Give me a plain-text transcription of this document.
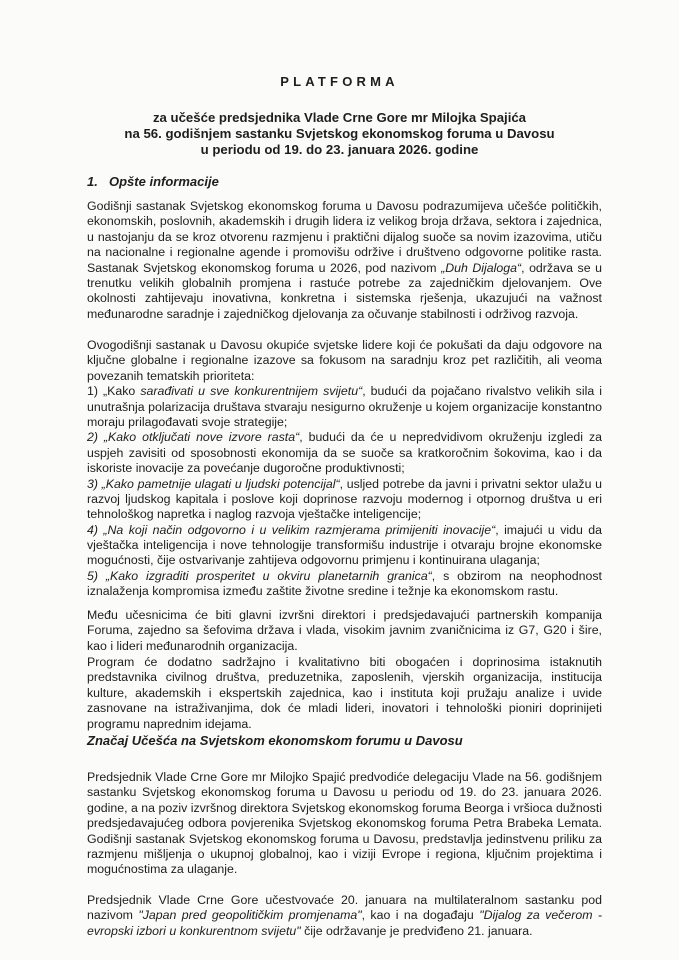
PLATFORMA
za učešće predsjednika Vlade Crne Gore mr Milojka Spajića
na 56. godišnjem sastanku Svjetskog ekonomskog foruma u Davosu
u periodu od 19. do 23. januara 2026. godine
1. Opšte informacije
Značaj Učešća na Svjetskom ekonomskom forumu u Davosu
Godišnji sastanak Svjetskog ekonomskog foruma u Davosu podrazumijeva učešće političkih,
ekonomskih, poslovnih, akademskih i drugih lidera iz velikog broja država, sektora i zajednica,
u nastojanju da se kroz otvorenu razmjenu i praktični dijalog suoče sa novim izazovima, utiču
na nacionalne i regionalne agende i promovišu održive i društveno odgovorne politike rasta.
Sastanak Svjetskog ekonomskog foruma u 2026, pod nazivom „Duh Dijaloga“, održava se u
trenutku velikih globalnih promjena i rastuće potrebe za zajedničkim djelovanjem. Ove
okolnosti zahtijevaju inovativna, konkretna i sistemska rješenja, ukazujući na važnost
međunarodne saradnje i zajedničkog djelovanja za očuvanje stabilnosti i održivog razvoja.
Ovogodišnji sastanak u Davosu okupiće svjetske lidere koji će pokušati da daju odgovore na
ključne globalne i regionalne izazove sa fokusom na saradnju kroz pet različitih, ali veoma
povezanih tematskih prioriteta:
1) „Kako sarađivati u sve konkurentnijem svijetu“, budući da pojačano rivalstvo velikih sila i
unutrašnja polarizacija društava stvaraju nesigurno okruženje u kojem organizacije konstantno
moraju prilagođavati svoje strategije;
2) „Kako otključati nove izvore rasta“, budući da će u nepredvidivom okruženju izgledi za
uspjeh zavisiti od sposobnosti ekonomija da se suoče sa kratkoročnim šokovima, kao i da
iskoriste inovacije za povećanje dugoročne produktivnosti;
3) „Kako pametnije ulagati u ljudski potencijal“, usljed potrebe da javni i privatni sektor ulažu u
razvoj ljudskog kapitala i poslove koji doprinose razvoju modernog i otpornog društva u eri
tehnološkog napretka i naglog razvoja vještačke inteligencije;
4) „Na koji način odgovorno i u velikim razmjerama primijeniti inovacije“, imajući u vidu da
vještačka inteligencija i nove tehnologije transformišu industrije i otvaraju brojne ekonomske
mogućnosti, čije ostvarivanje zahtijeva odgovornu primjenu i kontinuirana ulaganja;
5) „Kako izgraditi prosperitet u okviru planetarnih granica“, s obzirom na neophodnost
iznalaženja kompromisa između zaštite životne sredine i težnje ka ekonomskom rastu.
Među učesnicima će biti glavni izvršni direktori i predsjedavajući partnerskih kompanija
Foruma, zajedno sa šefovima država i vlada, visokim javnim zvaničnicima iz G7, G20 i šire,
kao i lideri međunarodnih organizacija.
Program će dodatno sadržajno i kvalitativno biti obogaćen i doprinosima istaknutih
predstavnika civilnog društva, preduzetnika, zaposlenih, vjerskih organizacija, institucija
kulture, akademskih i ekspertskih zajednica, kao i instituta koji pružaju analize i uvide
zasnovane na istraživanjima, dok će mladi lideri, inovatori i tehnološki pioniri doprinijeti
programu naprednim idejama.
Predsjednik Vlade Crne Gore mr Milojko Spajić predvodiće delegaciju Vlade na 56. godišnjem
sastanku Svjetskog ekonomskog foruma u Davosu u periodu od 19. do 23. januara 2026.
godine, a na poziv izvršnog direktora Svjetskog ekonomskog foruma Beorga i vršioca dužnosti
predsjedavajućeg odbora povjerenika Svjetskog ekonomskog foruma Petra Brabeka Lemata.
Godišnji sastanak Svjetskog ekonomskog foruma u Davosu, predstavlja jedinstvenu priliku za
razmjenu mišljenja o ukupnoj globalnoj, kao i viziji Evrope i regiona, ključnim projektima i
mogućnostima za ulaganje.
Predsjednik Vlade Crne Gore učestvovaće 20. januara na multilateralnom sastanku pod
nazivom "Japan pred geopolitičkim promjenama", kao i na događaju "Dijalog za večerom -
evropski izbori u konkurentnom svijetu" čije održavanje je predviđeno 21. januara.
